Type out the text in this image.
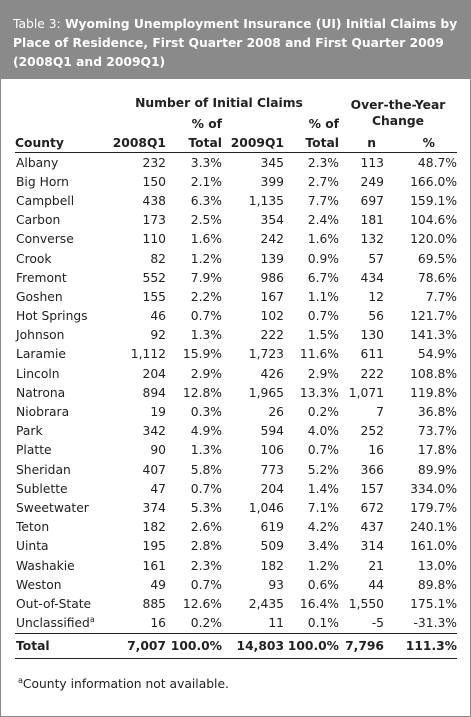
Table 3: Wyoming Unemployment Insurance (UI) Initial Claims by Place of Residence, First Quarter 2008 and First Quarter 2009 (2008Q1 and 2009Q1)

	Number of Initial Claims				Over-the-Year
Change	
		% of		% of		
County	2008Q1	Total	2009Q1	Total	n	%
Albany	232	3.3%	345	2.3%	113	48.7%
Big Horn	150	2.1%	399	2.7%	249	166.0%
Campbell	438	6.3%	1,135	7.7%	697	159.1%
Carbon	173	2.5%	354	2.4%	181	104.6%
Converse	110	1.6%	242	1.6%	132	120.0%
Crook	82	1.2%	139	0.9%	57	69.5%
Fremont	552	7.9%	986	6.7%	434	78.6%
Goshen	155	2.2%	167	1.1%	12	7.7%
Hot Springs	46	0.7%	102	0.7%	56	121.7%
Johnson	92	1.3%	222	1.5%	130	141.3%
Laramie	1,112	15.9%	1,723	11.6%	611	54.9%
Lincoln	204	2.9%	426	2.9%	222	108.8%
Natrona	894	12.8%	1,965	13.3%	1,071	119.8%
Niobrara	19	0.3%	26	0.2%	7	36.8%
Park	342	4.9%	594	4.0%	252	73.7%
Platte	90	1.3%	106	0.7%	16	17.8%
Sheridan	407	5.8%	773	5.2%	366	89.9%
Sublette	47	0.7%	204	1.4%	157	334.0%
Sweetwater	374	5.3%	1,046	7.1%	672	179.7%
Teton	182	2.6%	619	4.2%	437	240.1%
Uinta	195	2.8%	509	3.4%	314	161.0%
Washakie	161	2.3%	182	1.2%	21	13.0%
Weston	49	0.7%	93	0.6%	44	89.8%
Out-of-State	885	12.6%	2,435	16.4%	1,550	175.1%
Unclassified$^a$	16	0.2%	11	0.1%	-5	-31.3%
Total	7,007	100.0%	14,803	100.0%	7,796	111.3%
$^a$County information not available.
